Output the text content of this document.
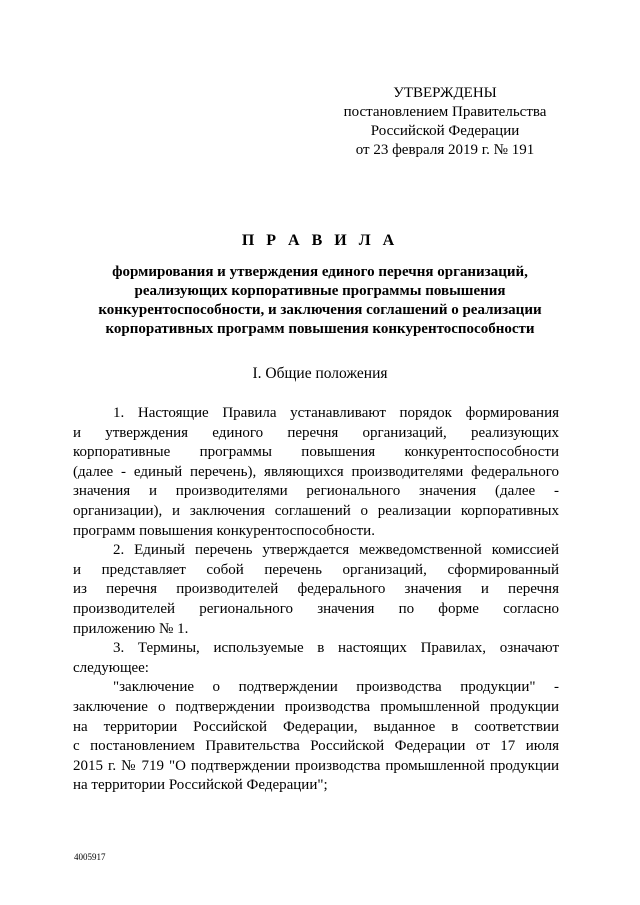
УТВЕРЖДЕНЫ
постановлением Правительства
Российской Федерации
от 23 февраля 2019 г. № 191
П Р А В И Л А
формирования и утверждения единого перечня организаций,
реализующих корпоративные программы повышения
конкурентоспособности, и заключения соглашений о реализации
корпоративных программ повышения конкурентоспособности
I. Общие положения
1. Настоящие Правила устанавливают порядок формирования
и утверждения единого перечня организаций, реализующих
корпоративные программы повышения конкурентоспособности
(далее - единый перечень), являющихся производителями федерального
значения и производителями регионального значения (далее -
организации), и заключения соглашений о реализации корпоративных
программ повышения конкурентоспособности.
2. Единый перечень утверждается межведомственной комиссией
и представляет собой перечень организаций, сформированный
из перечня производителей федерального значения и перечня
производителей регионального значения по форме согласно
приложению № 1.
3. Термины, используемые в настоящих Правилах, означают
следующее:
"заключение о подтверждении производства продукции" -
заключение о подтверждении производства промышленной продукции
на территории Российской Федерации, выданное в соответствии
с постановлением Правительства Российской Федерации от 17 июля
2015 г. № 719 "О подтверждении производства промышленной продукции
на территории Российской Федерации";
4005917
